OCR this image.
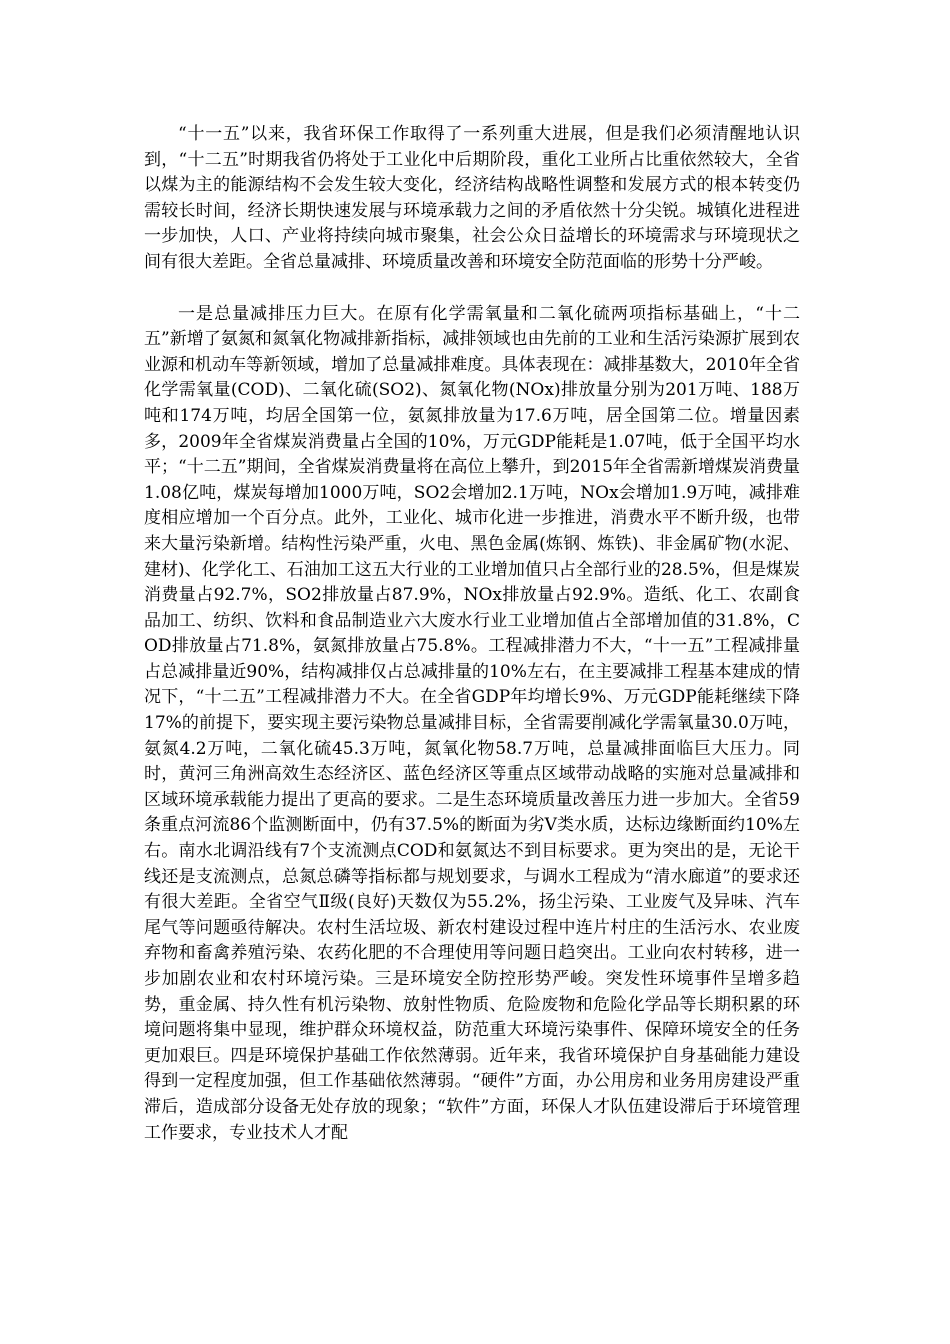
“十一五”以来，我省环保工作取得了一系列重大进展，但是我们必须清醒地认识到，“十二五”时期我省仍将处于工业化中后期阶段，重化工业所占比重依然较大，全省以煤为主的能源结构不会发生较大变化，经济结构战略性调整和发展方式的根本转变仍需较长时间，经济长期快速发展与环境承载力之间的矛盾依然十分尖锐。城镇化进程进一步加快，人口、产业将持续向城市聚集，社会公众日益增长的环境需求与环境现状之间有很大差距。全省总量减排、环境质量改善和环境安全防范面临的形势十分严峻。

一是总量减排压力巨大。在原有化学需氧量和二氧化硫两项指标基础上，“十二五”新增了氨氮和氮氧化物减排新指标，减排领域也由先前的工业和生活污染源扩展到农业源和机动车等新领域，增加了总量减排难度。具体表现在：减排基数大，2010年全省化学需氧量(COD)、二氧化硫(SO2)、氮氧化物(NOx)排放量分别为201万吨、188万吨和174万吨，均居全国第一位，氨氮排放量为17.6万吨，居全国第二位。增量因素多，2009年全省煤炭消费量占全国的10%，万元GDP能耗是1.07吨，低于全国平均水平；“十二五”期间，全省煤炭消费量将在高位上攀升，到2015年全省需新增煤炭消费量1.08亿吨，煤炭每增加1000万吨，SO2会增加2.1万吨，NOx会增加1.9万吨，减排难度相应增加一个百分点。此外，工业化、城市化进一步推进，消费水平不断升级，也带来大量污染新增。结构性污染严重，火电、黑色金属(炼钢、炼铁)、非金属矿物(水泥、建材)、化学化工、石油加工这五大行业的工业增加值只占全部行业的28.5%，但是煤炭消费量占92.7%，SO2排放量占87.9%，NOx排放量占92.9%。造纸、化工、农副食品加工、纺织、饮料和食品制造业六大废水行业工业增加值占全部增加值的31.8%，COD排放量占71.8%，氨氮排放量占75.8%。工程减排潜力不大，“十一五”工程减排量占总减排量近90%，结构减排仅占总减排量的10%左右，在主要减排工程基本建成的情况下，“十二五”工程减排潜力不大。在全省GDP年均增长9%、万元GDP能耗继续下降17%的前提下，要实现主要污染物总量减排目标，全省需要削减化学需氧量30.0万吨，氨氮4.2万吨，二氧化硫45.3万吨，氮氧化物58.7万吨，总量减排面临巨大压力。同时，黄河三角洲高效生态经济区、蓝色经济区等重点区域带动战略的实施对总量减排和区域环境承载能力提出了更高的要求。二是生态环境质量改善压力进一步加大。全省59条重点河流86个监测断面中，仍有37.5%的断面为劣Ⅴ类水质，达标边缘断面约10%左右。南水北调沿线有7个支流测点COD和氨氮达不到目标要求。更为突出的是，无论干线还是支流测点，总氮总磷等指标都与规划要求，与调水工程成为“清水廊道”的要求还有很大差距。全省空气Ⅱ级(良好)天数仅为55.2%，扬尘污染、工业废气及异味、汽车尾气等问题亟待解决。农村生活垃圾、新农村建设过程中连片村庄的生活污水、农业废弃物和畜禽养殖污染、农药化肥的不合理使用等问题日趋突出。工业向农村转移，进一步加剧农业和农村环境污染。三是环境安全防控形势严峻。突发性环境事件呈增多趋势，重金属、持久性有机污染物、放射性物质、危险废物和危险化学品等长期积累的环境问题将集中显现，维护群众环境权益，防范重大环境污染事件、保障环境安全的任务更加艰巨。四是环境保护基础工作依然薄弱。近年来，我省环境保护自身基础能力建设得到一定程度加强，但工作基础依然薄弱。“硬件”方面，办公用房和业务用房建设严重滞后，造成部分设备无处存放的现象；“软件”方面，环保人才队伍建设滞后于环境管理工作要求，专业技术人才配
